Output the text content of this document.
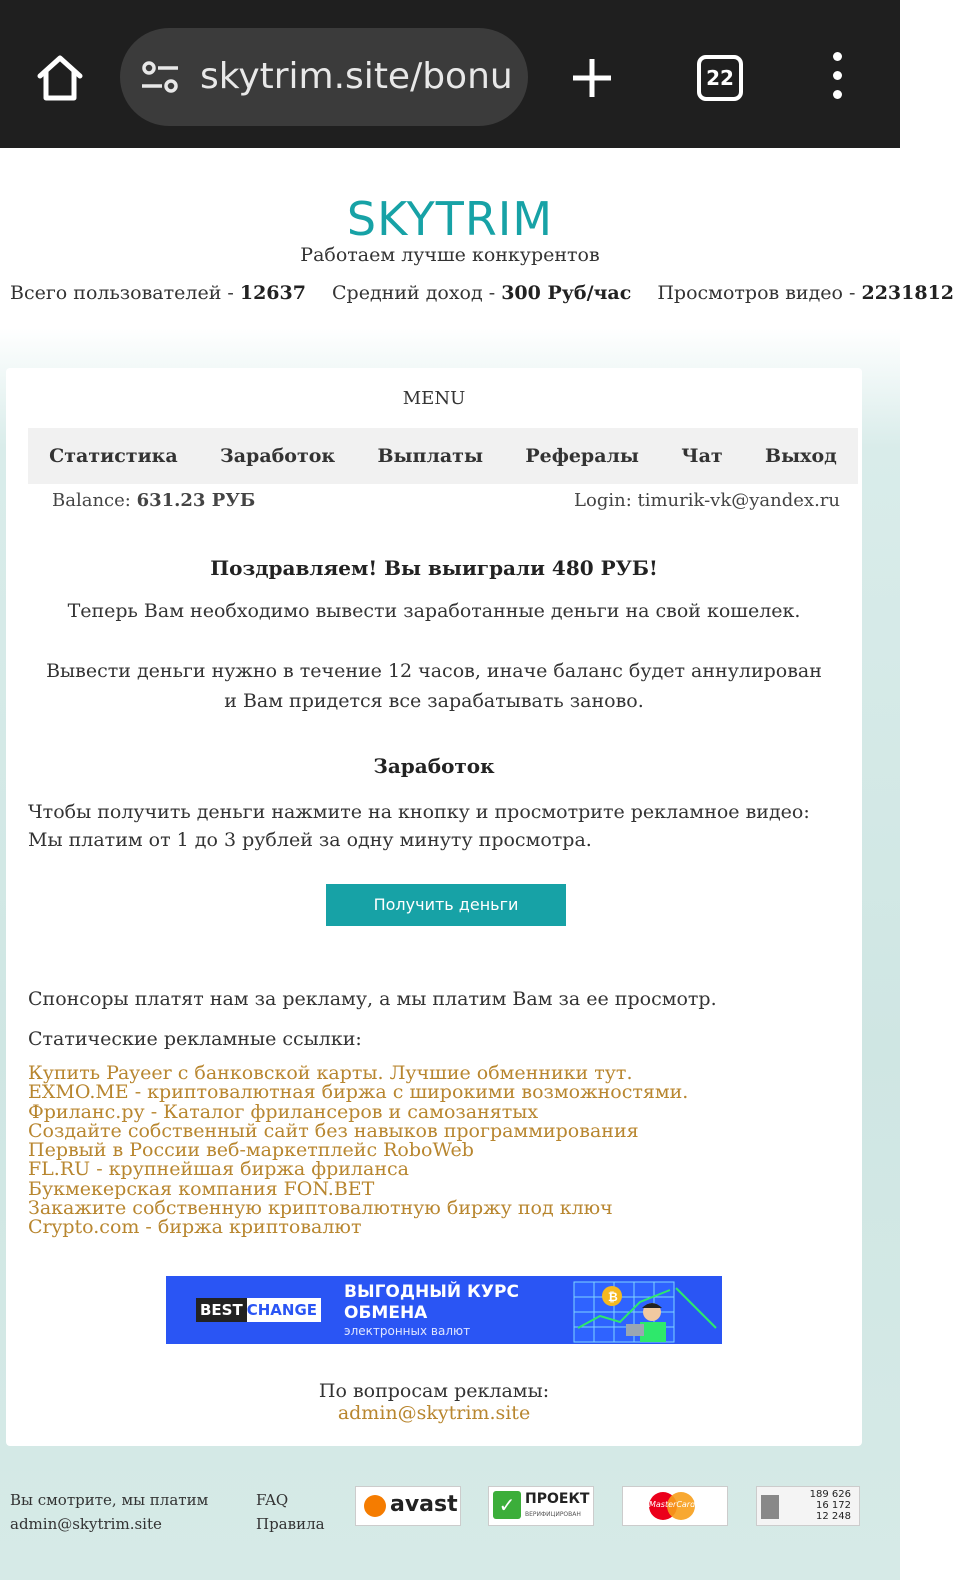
skytrim.site/bonu	22
SKYTRIM
Работаем лучше конкурентов
Всего пользователей - 12637 Средний доход - 300 Руб/час Просмотров видео - 2231812
MENU
Статистика Заработок Выплаты Рефералы Чат Выход
Balance: 631.23 РУБ	Login: timurik-vk@yandex.ru
Поздравляем! Вы выиграли 480 РУБ!
Теперь Вам необходимо вывести заработанные деньги на свой кошелек.
Вывести деньги нужно в течение 12 часов, иначе баланс будет аннулирован
и Вам придется все зарабатывать заново.
Заработок
Чтобы получить деньги нажмите на кнопку и просмотрите рекламное видео:
Мы платим от 1 до 3 рублей за одну минуту просмотра.
Получить деньги
Спонсоры платят нам за рекламу, а мы платим Вам за ее просмотр.
Статические рекламные ссылки:
Купить Payeer с банковской карты. Лучшие обменники тут.
EXMO.ME - криптовалютная биржа с широкими возможностями.
Фриланс.ру - Каталог фрилансеров и самозанятых
Создайте собственный сайт без навыков программирования
Первый в России веб-маркетплейс RoboWeb
FL.RU - крупнейшая биржа фриланса
Букмекерская компания FON.BET
Закажите собственную криптовалютную биржу под ключ
Crypto.com - биржа криптовалют
BEST CHANGE
ВЫГОДНЫЙ КУРС
ОБМЕНА
электронных валют
₿
По вопросам рекламы:
admin@skytrim.site
Вы смотрите, мы платим
admin@skytrim.site
FAQ
Правила
avast ✓ ПРОЕКТ
ВЕРИФИЦИРОВАН
MasterCard
189 626
16 172
12 248
